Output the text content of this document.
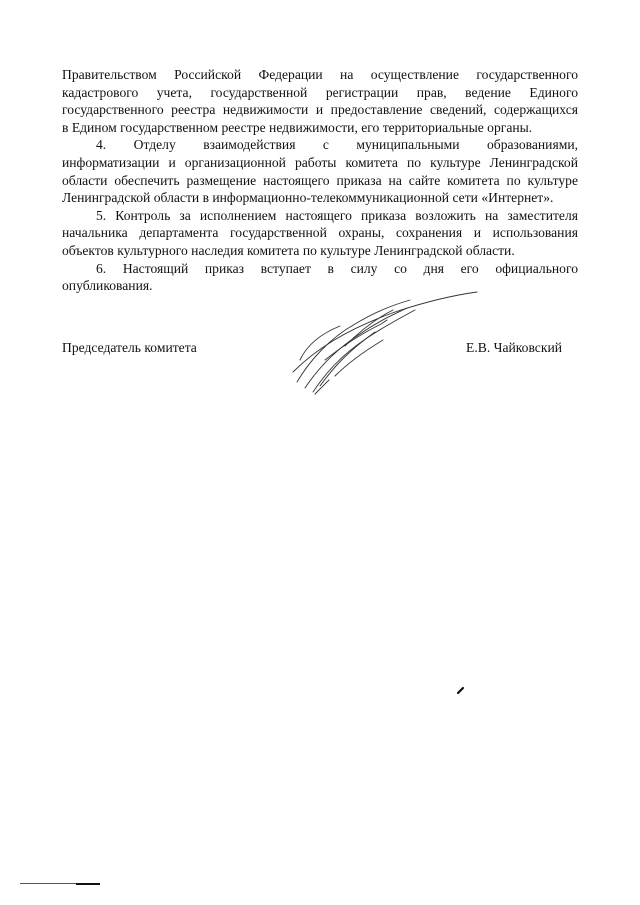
Правительством Российской Федерации на осуществление государственного
кадастрового учета, государственной регистрации прав, ведение Единого
государственного реестра недвижимости и предоставление сведений, содержащихся
в Едином государственном реестре недвижимости, его территориальные органы.

4. Отделу взаимодействия с муниципальными образованиями,
информатизации и организационной работы комитета по культуре Ленинградской
области обеспечить размещение настоящего приказа на сайте комитета по культуре
Ленинградской области в информационно-телекоммуникационной сети «Интернет».

5. Контроль за исполнением настоящего приказа возложить на заместителя
начальника департамента государственной охраны, сохранения и использования
объектов культурного наследия комитета по культуре Ленинградской области.

6. Настоящий приказ вступает в силу со дня его официального
опубликования.

Председатель комитета	Е.В. Чайковский
